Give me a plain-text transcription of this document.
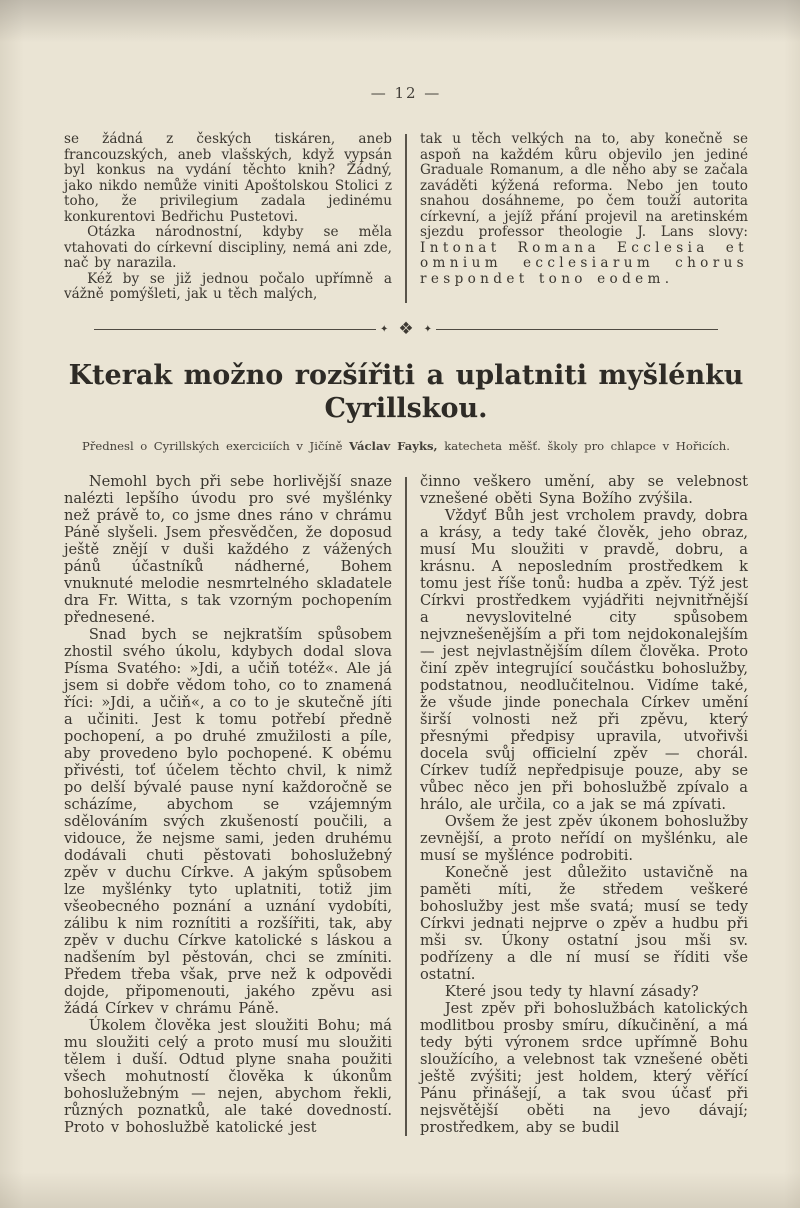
— 12 —

se žádná z českých tiskáren, aneb francouzských, aneb vlašských, když vypsán byl konkus na vydání těchto knih? Žádný, jako nikdo nemůže viniti Apoštolskou Stolici z toho, že privilegium zadala jedinému konkurentovi Bedřichu Pustetovi.

Otázka národnostní, kdyby se měla vtahovati do církevní discipliny, nemá ani zde, nač by narazila.

Kéž by se již jednou počalo upřímně a vážně pomýšleti, jak u těch malých,

tak u těch velkých na to, aby konečně se aspoň na každém kůru objevilo jen jediné Graduale Romanum, a dle něho aby se začala zaváděti kýžená reforma. Nebo jen touto snahou dosáhneme, po čem touží autorita církevní, a jejíž přání projevil na aretinském sjezdu professor theologie J. Lans slovy: Intonat Romana Ecclesia et omnium ecclesiarum chorus respondet tono eodem.

✦ ❖	✦
Kterak možno rozšířiti a uplatniti myšlénku
Cyrillskou.

Přednesl o Cyrillských exerciciích v Jičíně Václav Fayks, katecheta měšť. školy pro chlapce v Hořicích.

Nemohl bych při sebe horlivější snaze nalézti lepšího úvodu pro své myšlénky než právě to, co jsme dnes ráno v chrámu Páně slyšeli. Jsem přesvědčen, že doposud ještě znějí v duši každého z vážených pánů účastníků nádherné, Bohem vnuknuté melodie nesmrtelného skladatele dra Fr. Witta, s tak vzorným pochopením přednesené.

Snad bych se nejkratším spůsobem zhostil svého úkolu, kdybych dodal slova Písma Svatého: »Jdi, a učiň totéž«. Ale já jsem si dobře vědom toho, co to znamená říci: »Jdi, a učiň«, a co to je skutečně jíti a učiniti. Jest k tomu potřebí předně pochopení, a po druhé zmužilosti a píle, aby provedeno bylo pochopené. K obému přivésti, toť účelem těchto chvil, k nimž po delší bývalé pause nyní každoročně se scházíme, abychom se vzájemným sdělováním svých zkušeností poučili, a vidouce, že nejsme sami, jeden druhému dodávali chuti pěstovati bohoslužebný zpěv v duchu Církve. A jakým spůsobem lze myšlénky tyto uplatniti, totiž jim všeobecného poznání a uznání vydobíti, zálibu k nim roznítiti a rozšířiti, tak, aby zpěv v duchu Církve katolické s láskou a nadšením byl pěstován, chci se zmíniti. Předem třeba však, prve než k odpovědi dojde, připomenouti, jakého zpěvu asi žádá Církev v chrámu Páně.

Úkolem člověka jest sloužiti Bohu; má mu sloužiti celý a proto musí mu sloužiti tělem i duší. Odtud plyne snaha použiti všech mohutností člověka k úkonům bohoslužebným — nejen, abychom řekli, různých poznatků, ale také dovedností. Proto v bohoslužbě katolické jest

činno veškero umění, aby se velebnost vznešené oběti Syna Božího zvýšila.

Vždyť Bůh jest vrcholem pravdy, dobra a krásy, a tedy také člověk, jeho obraz, musí Mu sloužiti v pravdě, dobru, a krásnu. A neposledním prostředkem k tomu jest říše tonů: hudba a zpěv. Týž jest Církvi prostředkem vyjádřiti nejvnitřnější a nevyslovitelné city spůsobem nejvznešenějším a při tom nejdokonalejším — jest nejvlastnějším dílem člověka. Proto činí zpěv integrující součástku bohoslužby, podstatnou, neodlučitelnou. Vidíme také, že všude jinde ponechala Církev umění širší volnosti než při zpěvu, který přesnými předpisy upravila, utvořivši docela svůj officielní zpěv — chorál. Církev tudíž nepředpisuje pouze, aby se vůbec něco jen při bohoslužbě zpívalo a hrálo, ale určila, co a jak se má zpívati.

Ovšem že jest zpěv úkonem bohoslužby zevnější, a proto neřídí on myšlénku, ale musí se myšlénce podrobiti.

Konečně jest důležito ustavičně na paměti míti, že středem veškeré bohoslužby jest mše svatá; musí se tedy Církvi jednati nejprve o zpěv a hudbu při mši sv. Úkony ostatní jsou mši sv. podřízeny a dle ní musí se říditi vše ostatní.

Které jsou tedy ty hlavní zásady?

Jest zpěv při bohoslužbách katolických modlitbou prosby smíru, díkučinění, a má tedy býti výronem srdce upřímně Bohu sloužícího, a velebnost tak vznešené oběti ještě zvýšiti; jest holdem, který věřící Pánu přinášejí, a tak svou účasť při nejsvětější oběti na jevo dávají; prostředkem, aby se budil
